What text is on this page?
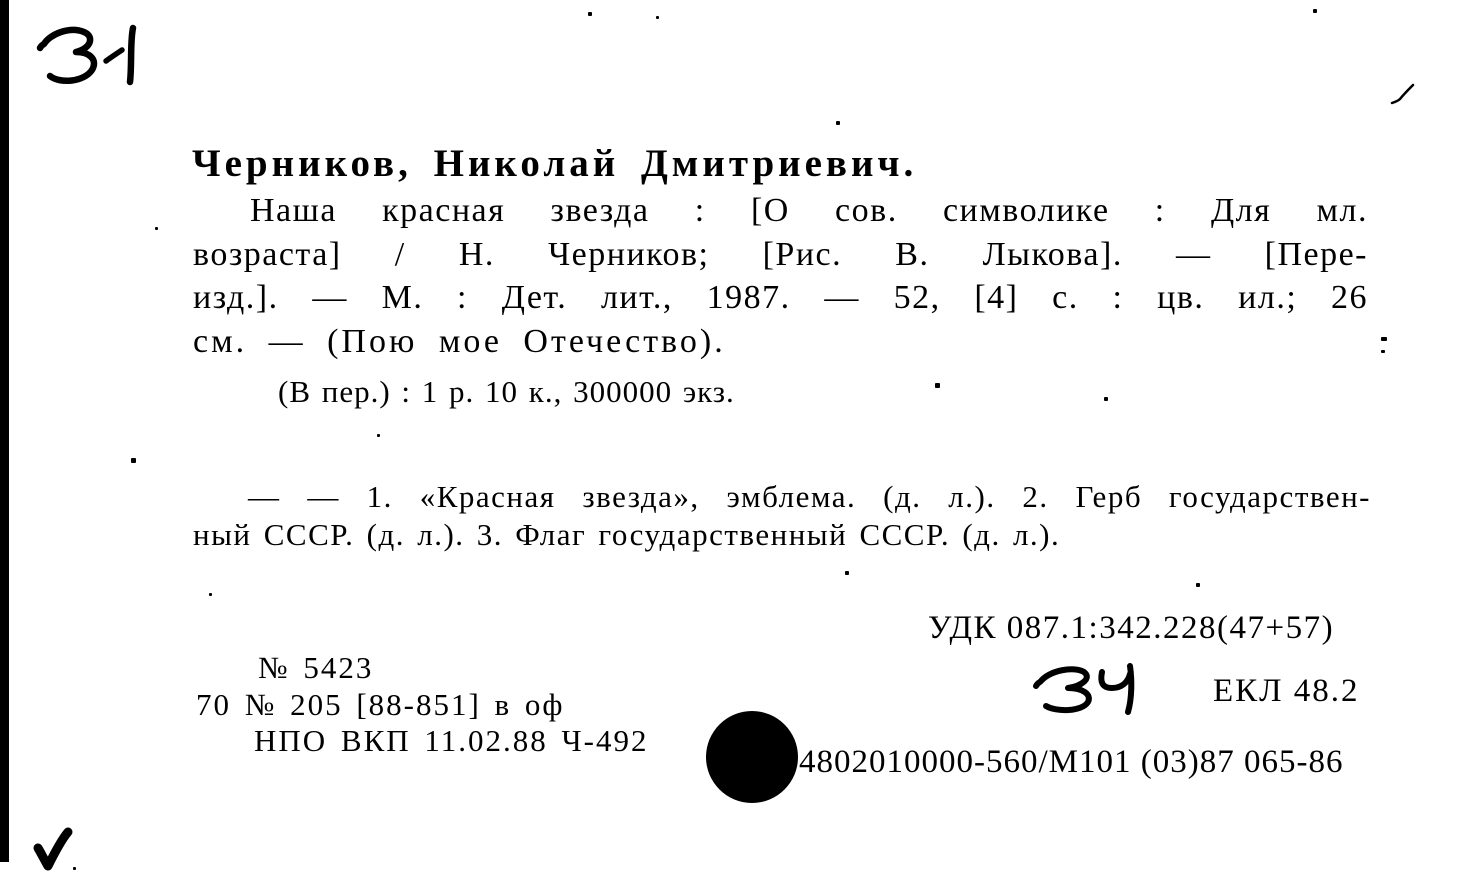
Черников, Николай Дмитриевич.
Наша красная звезда : [О сов. символике : Для мл.
возраста] / Н. Черников; [Рис. В. Лыкова]. — [Пере-
изд.]. — М. : Дет. лит., 1987. — 52, [4] с. : цв. ил.; 26
см. — (Пою мое Отечество).
(В пер.) : 1 р. 10 к., 300000 экз.
— — 1. «Красная звезда», эмблема. (д. л.). 2. Герб государствен-
ный СССР. (д. л.). 3. Флаг государственный СССР. (д. л.).
УДК 087.1:342.228(47+57)
№ 5423
70 № 205 [88-851] в оф
НПО ВКП 11.02.88 Ч-492
ЕКЛ 48.2
4802010000-560/М101 (03)87 065-86
